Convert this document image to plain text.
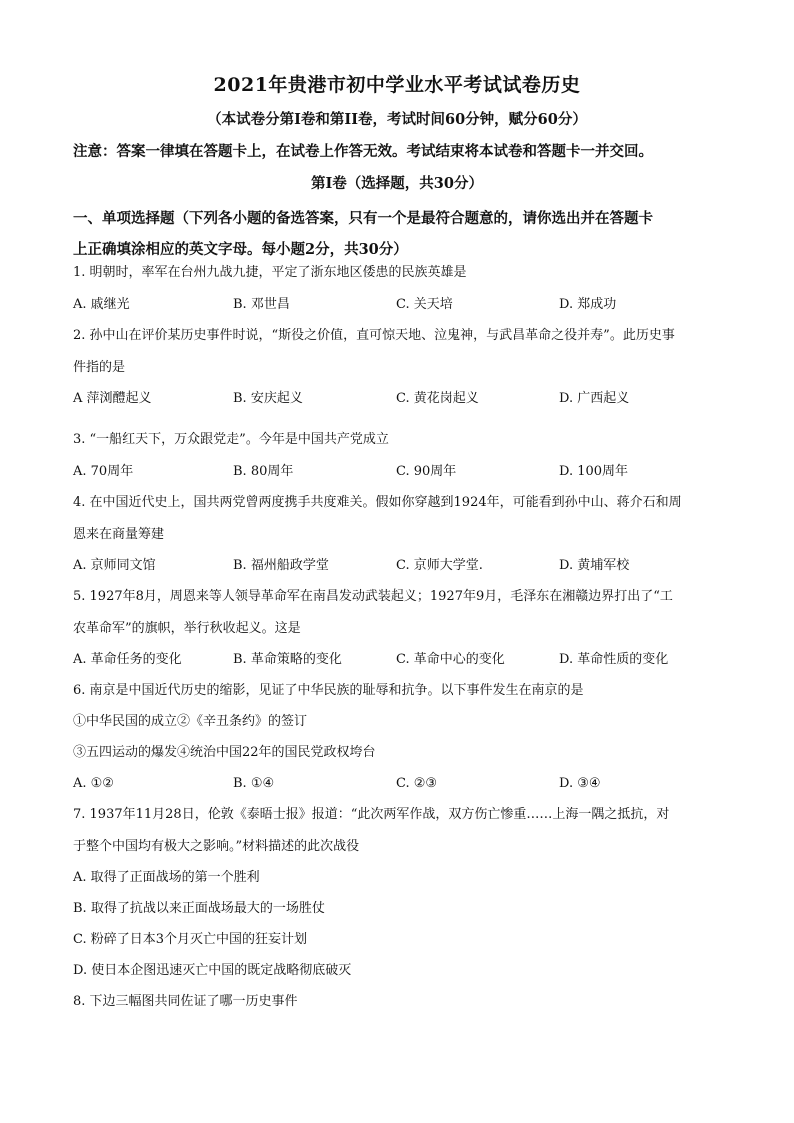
2021年贵港市初中学业水平考试试卷历史
（本试卷分第I卷和第II卷，考试时间60分钟，赋分60分）
注意：答案一律填在答题卡上，在试卷上作答无效。考试结束将本试卷和答题卡一并交回。
第I卷（选择题，共30分）
一、单项选择题（下列各小题的备选答案，只有一个是最符合题意的，请你选出并在答题卡
上正确填涂相应的英文字母。每小题2分，共30分）
1. 明朝时，率军在台州九战九捷，平定了浙东地区倭患的民族英雄是
A. 戚继光	B. 邓世昌	C. 关天培	D. 郑成功
2. 孙中山在评价某历史事件时说，“斯役之价值，直可惊天地、泣鬼神，与武昌革命之役并寿”。此历史事
件指的是
A 萍浏醴起义	B. 安庆起义	C. 黄花岗起义	D. 广西起义
3. “一船红天下，万众跟党走”。今年是中国共产党成立
A. 70周年	B. 80周年	C. 90周年	D. 100周年
4. 在中国近代史上，国共两党曾两度携手共度难关。假如你穿越到1924年，可能看到孙中山、蒋介石和周
恩来在商量筹建
A. 京师同文馆	B. 福州船政学堂	C. 京师大学堂.	D. 黄埔军校
5. 1927年8月，周恩来等人领导革命军在南昌发动武装起义；1927年9月，毛泽东在湘赣边界打出了“工
农革命军”的旗帜，举行秋收起义。这是
A. 革命任务的变化	B. 革命策略的变化	C. 革命中心的变化	D. 革命性质的变化
6. 南京是中国近代历史的缩影，见证了中华民族的耻辱和抗争。以下事件发生在南京的是
①中华民国的成立②《辛丑条约》的签订
③五四运动的爆发④统治中国22年的国民党政权垮台
A. ①②	B. ①④	C. ②③	D. ③④
7. 1937年11月28日，伦敦《泰晤士报》报道：“此次两军作战，双方伤亡惨重……上海一隅之抵抗，对
于整个中国均有极大之影响。”材料描述的此次战役
A. 取得了正面战场的第一个胜利
B. 取得了抗战以来正面战场最大的一场胜仗
C. 粉碎了日本3个月灭亡中国的狂妄计划
D. 使日本企图迅速灭亡中国的既定战略彻底破灭
8. 下边三幅图共同佐证了哪一历史事件
